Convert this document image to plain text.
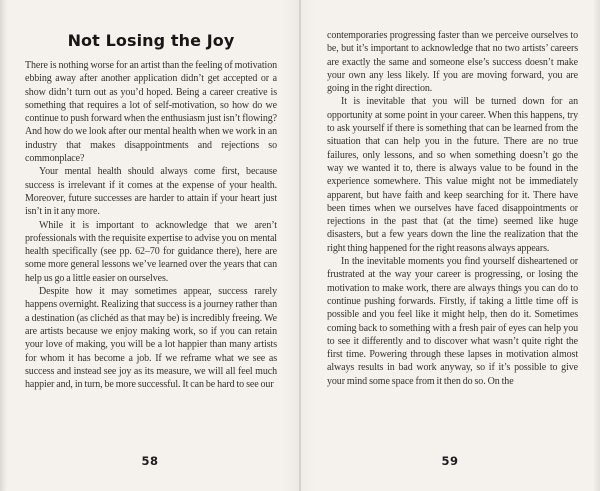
Not Losing the Joy

There is nothing worse for an artist than the feeling of motivation ebbing away after another application didn’t get accepted or a show didn’t turn out as you’d hoped. Being a career creative is something that requires a lot of self-motivation, so how do we continue to push forward when the enthusiasm just isn’t flowing? And how do we look after our mental health when we work in an industry that makes disappointments and rejections so commonplace?

Your mental health should always come first, because success is irrelevant if it comes at the expense of your health. Moreover, future successes are harder to attain if your heart just isn’t in it any more.

While it is important to acknowledge that we aren’t professionals with the requisite expertise to advise you on mental health specifically (see pp. 62–70 for guidance there), here are some more general lessons we’ve learned over the years that can help us go a little easier on ourselves.

Despite how it may sometimes appear, success rarely happens overnight. Realizing that success is a journey rather than a destination (as clichéd as that may be) is incredibly freeing. We are artists because we enjoy making work, so if you can retain your love of making, you will be a lot happier than many artists for whom it has become a job. If we reframe what we see as success and instead see joy as its measure, we will all feel much happier and, in turn, be more successful. It can be hard to see our

58

contemporaries progressing faster than we perceive ourselves to be, but it’s important to acknowledge that no two artists’ careers are exactly the same and someone else’s success doesn’t make your own any less likely. If you are moving forward, you are going in the right direction.

It is inevitable that you will be turned down for an opportunity at some point in your career. When this happens, try to ask yourself if there is something that can be learned from the situation that can help you in the future. There are no true failures, only lessons, and so when something doesn’t go the way we wanted it to, there is always value to be found in the experience somewhere. This value might not be immediately apparent, but have faith and keep searching for it. There have been times when we ourselves have faced disappointments or rejections in the past that (at the time) seemed like huge disasters, but a few years down the line the realization that the right thing happened for the right reasons always appears.

In the inevitable moments you find yourself disheartened or frustrated at the way your career is progressing, or losing the motivation to make work, there are always things you can do to continue pushing forwards. Firstly, if taking a little time off is possible and you feel like it might help, then do it. Sometimes coming back to something with a fresh pair of eyes can help you to see it differently and to discover what wasn’t quite right the first time. Powering through these lapses in motivation almost always results in bad work anyway, so if it’s possible to give your mind some space from it then do so. On the

59
